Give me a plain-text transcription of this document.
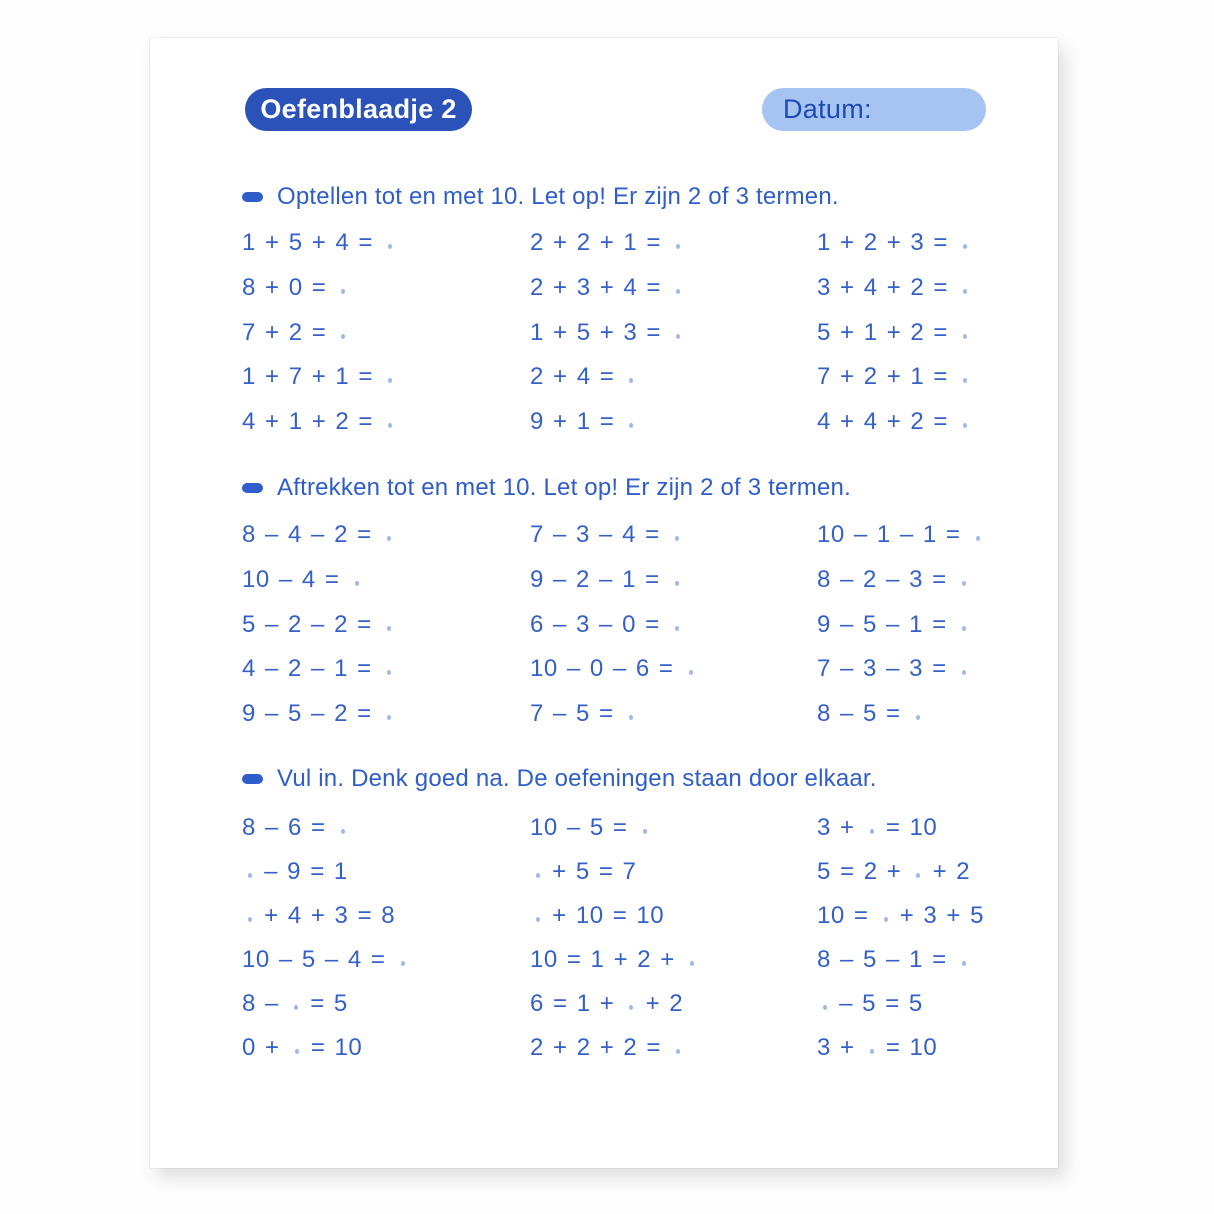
Oefenblaadje 2	Datum:
Optellen tot en met 10. Let op! Er zijn 2 of 3 termen.
1 + 5 + 4 =	2 + 2 + 1 =	1 + 2 + 3 =
8 + 0 =	2 + 3 + 4 =	3 + 4 + 2 =
7 + 2 =	1 + 5 + 3 =	5 + 1 + 2 =
1 + 7 + 1 =	2 + 4 =	7 + 2 + 1 =
4 + 1 + 2 =	9 + 1 =	4 + 4 + 2 =
Aftrekken tot en met 10. Let op! Er zijn 2 of 3 termen.
8 – 4 – 2 =	7 – 3 – 4 =	10 – 1 – 1 =
10 – 4 =	9 – 2 – 1 =	8 – 2 – 3 =
5 – 2 – 2 =	6 – 3 – 0 =	9 – 5 – 1 =
4 – 2 – 1 =	10 – 0 – 6 =	7 – 3 – 3 =
9 – 5 – 2 =	7 – 5 =	8 – 5 =
Vul in. Denk goed na. De oefeningen staan door elkaar.
8 – 6 =	10 – 5 =	3 +  = 10
– 9 = 1	+ 5 = 7	5 = 2 +  + 2
+ 4 + 3 = 8	+ 10 = 10	10 =  + 3 + 5
10 – 5 – 4 =	10 = 1 + 2 +	8 – 5 – 1 =
8 –  = 5	6 = 1 +  + 2	– 5 = 5
0 +  = 10	2 + 2 + 2 =	3 +  = 10
